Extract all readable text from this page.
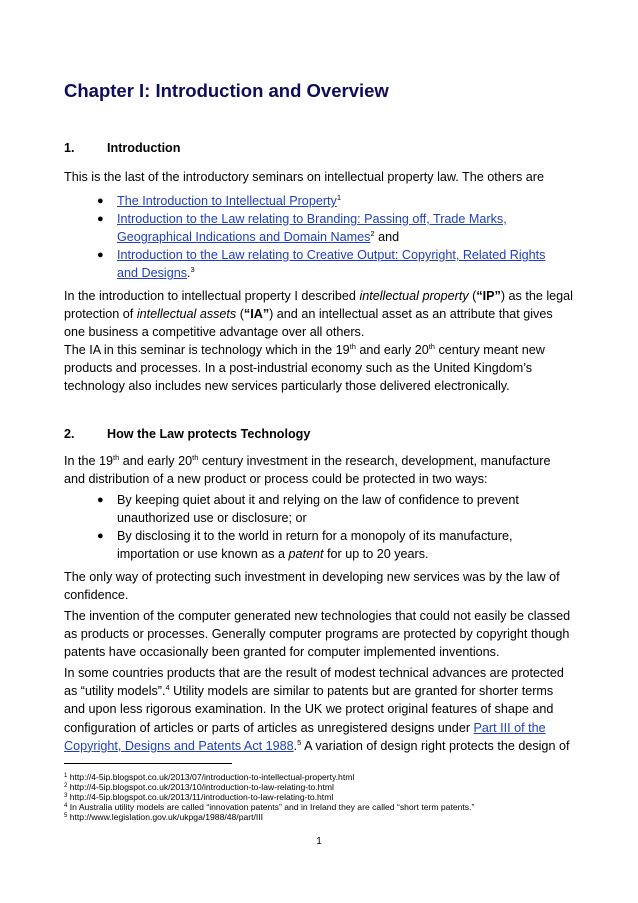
Chapter I: Introduction and Overview

1.	Introduction

This is the last of the introductory seminars on intellectual property law. The others are

● The Introduction to Intellectual Property$^1$

● Introduction to the Law relating to Branding: Passing off, Trade Marks, Geographical Indications and Domain Names$^2$ and

● Introduction to the Law relating to Creative Output: Copyright, Related Rights and Designs.$^3$

In the introduction to intellectual property I described intellectual property (“IP”) as the legal protection of intellectual assets (“IA”) and an intellectual asset as an attribute that gives one business a competitive advantage over all others.

The IA in this seminar is technology which in the 19th and early 20th century meant new products and processes. In a post-industrial economy such as the United Kingdom’s technology also includes new services particularly those delivered electronically.

2.	How the Law protects Technology

In the 19th and early 20th century investment in the research, development, manufacture and distribution of a new product or process could be protected in two ways:

● By keeping quiet about it and relying on the law of confidence to prevent unauthorized use or disclosure; or

● By disclosing it to the world in return for a monopoly of its manufacture, importation or use known as a patent for up to 20 years.

The only way of protecting such investment in developing new services was by the law of confidence.

The invention of the computer generated new technologies that could not easily be classed as products or processes. Generally computer programs are protected by copyright though patents have occasionally been granted for computer implemented inventions.

In some countries products that are the result of modest technical advances are protected as “utility models”.$^4$ Utility models are similar to patents but are granted for shorter terms and upon less rigorous examination. In the UK we protect original features of shape and configuration of articles or parts of articles as unregistered designs under Part III of the Copyright, Designs and Patents Act 1988.$^5$ A variation of design right protects the design of

$^1$ http://4-5ip.blogspot.co.uk/2013/07/introduction-to-intellectual-property.html

$^2$ http://4-5ip.blogspot.co.uk/2013/10/introduction-to-law-relating-to.html

$^3$ http://4-5ip.blogspot.co.uk/2013/11/introduction-to-law-relating-to.html

$^4$ In Australia utility models are called “innovation patents” and in Ireland they are called “short term patents.”

$^5$ http://www.legislation.gov.uk/ukpga/1988/48/part/III

1
